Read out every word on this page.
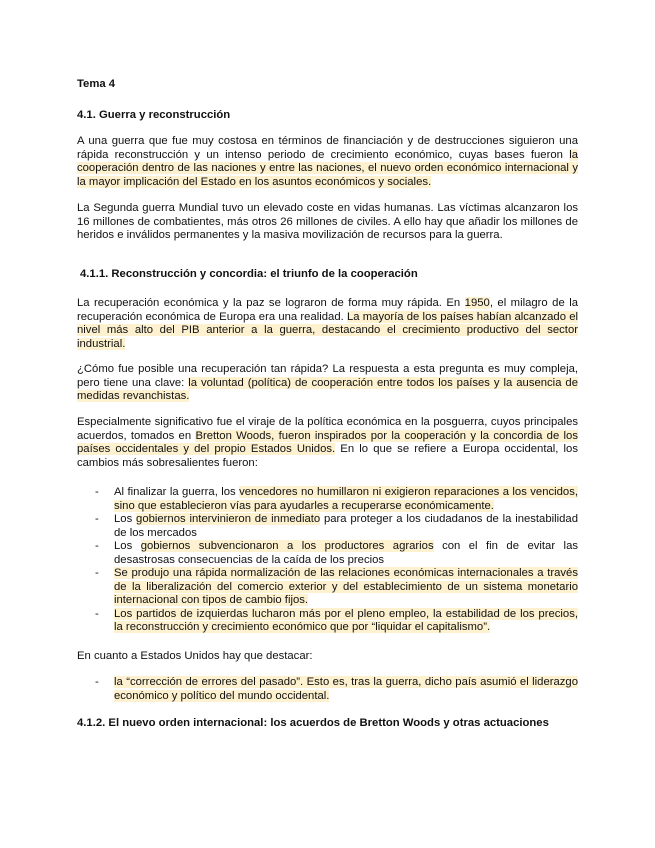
Tema 4
4.1. Guerra y reconstrucción
A una guerra que fue muy costosa en términos de financiación y de destrucciones siguieron una rápida reconstrucción y un intenso periodo de crecimiento económico, cuyas bases fueron la cooperación dentro de las naciones y entre las naciones, el nuevo orden económico internacional y la mayor implicación del Estado en los asuntos económicos y sociales.
La Segunda guerra Mundial tuvo un elevado coste en vidas humanas. Las víctimas alcanzaron los 16 millones de combatientes, más otros 26 millones de civiles. A ello hay que añadir los millones de heridos e inválidos permanentes y la masiva movilización de recursos para la guerra.
4.1.1. Reconstrucción y concordia: el triunfo de la cooperación
La recuperación económica y la paz se lograron de forma muy rápida. En 1950, el milagro de la recuperación económica de Europa era una realidad. La mayoría de los países habían alcanzado el nivel más alto del PIB anterior a la guerra, destacando el crecimiento productivo del sector industrial.
¿Cómo fue posible una recuperación tan rápida? La respuesta a esta pregunta es muy compleja, pero tiene una clave: la voluntad (política) de cooperación entre todos los países y la ausencia de medidas revanchistas.
Especialmente significativo fue el viraje de la política económica en la posguerra, cuyos principales acuerdos, tomados en Bretton Woods, fueron inspirados por la cooperación y la concordia de los países occidentales y del propio Estados Unidos. En lo que se refiere a Europa occidental, los cambios más sobresalientes fueron:
- Al finalizar la guerra, los vencedores no humillaron ni exigieron reparaciones a los vencidos, sino que establecieron vías para ayudarles a recuperarse económicamente.
- Los gobiernos intervinieron de inmediato para proteger a los ciudadanos de la inestabilidad de los mercados
- Los gobiernos subvencionaron a los productores agrarios con el fin de evitar las desastrosas consecuencias de la caída de los precios
- Se produjo una rápida normalización de las relaciones económicas internacionales a través de la liberalización del comercio exterior y del establecimiento de un sistema monetario internacional con tipos de cambio fijos.
- Los partidos de izquierdas lucharon más por el pleno empleo, la estabilidad de los precios, la reconstrucción y crecimiento económico que por “liquidar el capitalismo”.
En cuanto a Estados Unidos hay que destacar:
- la “corrección de errores del pasado”. Esto es, tras la guerra, dicho país asumió el liderazgo económico y político del mundo occidental.
4.1.2. El nuevo orden internacional: los acuerdos de Bretton Woods y otras actuaciones
